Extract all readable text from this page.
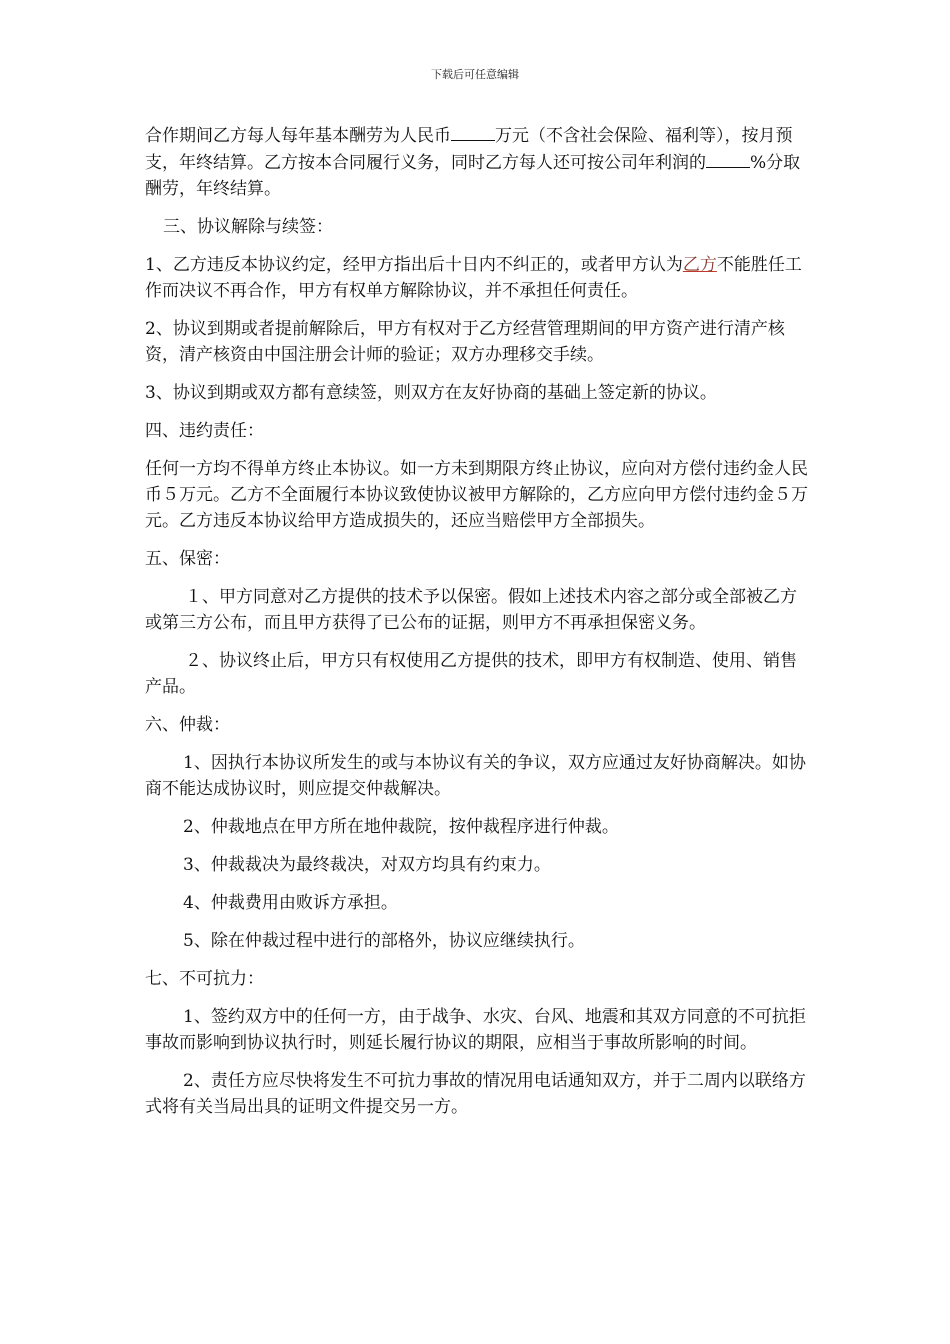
下载后可任意编辑

合作期间乙方每人每年基本酬劳为人民币	万元（不含社会保险、福利等），按月预支，年终结算。乙方按本合同履行义务，同时乙方每人还可按公司年利润的	%分取酬劳，年终结算。

三、协议解除与续签：

1、乙方违反本协议约定，经甲方指出后十日内不纠正的，或者甲方认为乙方不能胜任工作而决议不再合作，甲方有权单方解除协议，并不承担任何责任。

2、协议到期或者提前解除后，甲方有权对于乙方经营管理期间的甲方资产进行清产核资，清产核资由中国注册会计师的验证；双方办理移交手续。

3、协议到期或双方都有意续签，则双方在友好协商的基础上签定新的协议。

四、违约责任：

任何一方均不得单方终止本协议。如一方未到期限方终止协议，应向对方偿付违约金人民币５万元。乙方不全面履行本协议致使协议被甲方解除的，乙方应向甲方偿付违约金５万元。乙方违反本协议给甲方造成损失的，还应当赔偿甲方全部损失。

五、保密：

１、甲方同意对乙方提供的技术予以保密。假如上述技术内容之部分或全部被乙方或第三方公布，而且甲方获得了已公布的证据，则甲方不再承担保密义务。

２、协议终止后，甲方只有权使用乙方提供的技术，即甲方有权制造、使用、销售产品。

六、仲裁：

1、因执行本协议所发生的或与本协议有关的争议，双方应通过友好协商解决。如协商不能达成协议时，则应提交仲裁解决。

2、仲裁地点在甲方所在地仲裁院，按仲裁程序进行仲裁。

3、仲裁裁决为最终裁决，对双方均具有约束力。

4、仲裁费用由败诉方承担。

5、除在仲裁过程中进行的部格外，协议应继续执行。

七、不可抗力：

1、签约双方中的任何一方，由于战争、水灾、台风、地震和其双方同意的不可抗拒事故而影响到协议执行时，则延长履行协议的期限，应相当于事故所影响的时间。

2、责任方应尽快将发生不可抗力事故的情况用电话通知双方，并于二周内以联络方式将有关当局出具的证明文件提交另一方。
